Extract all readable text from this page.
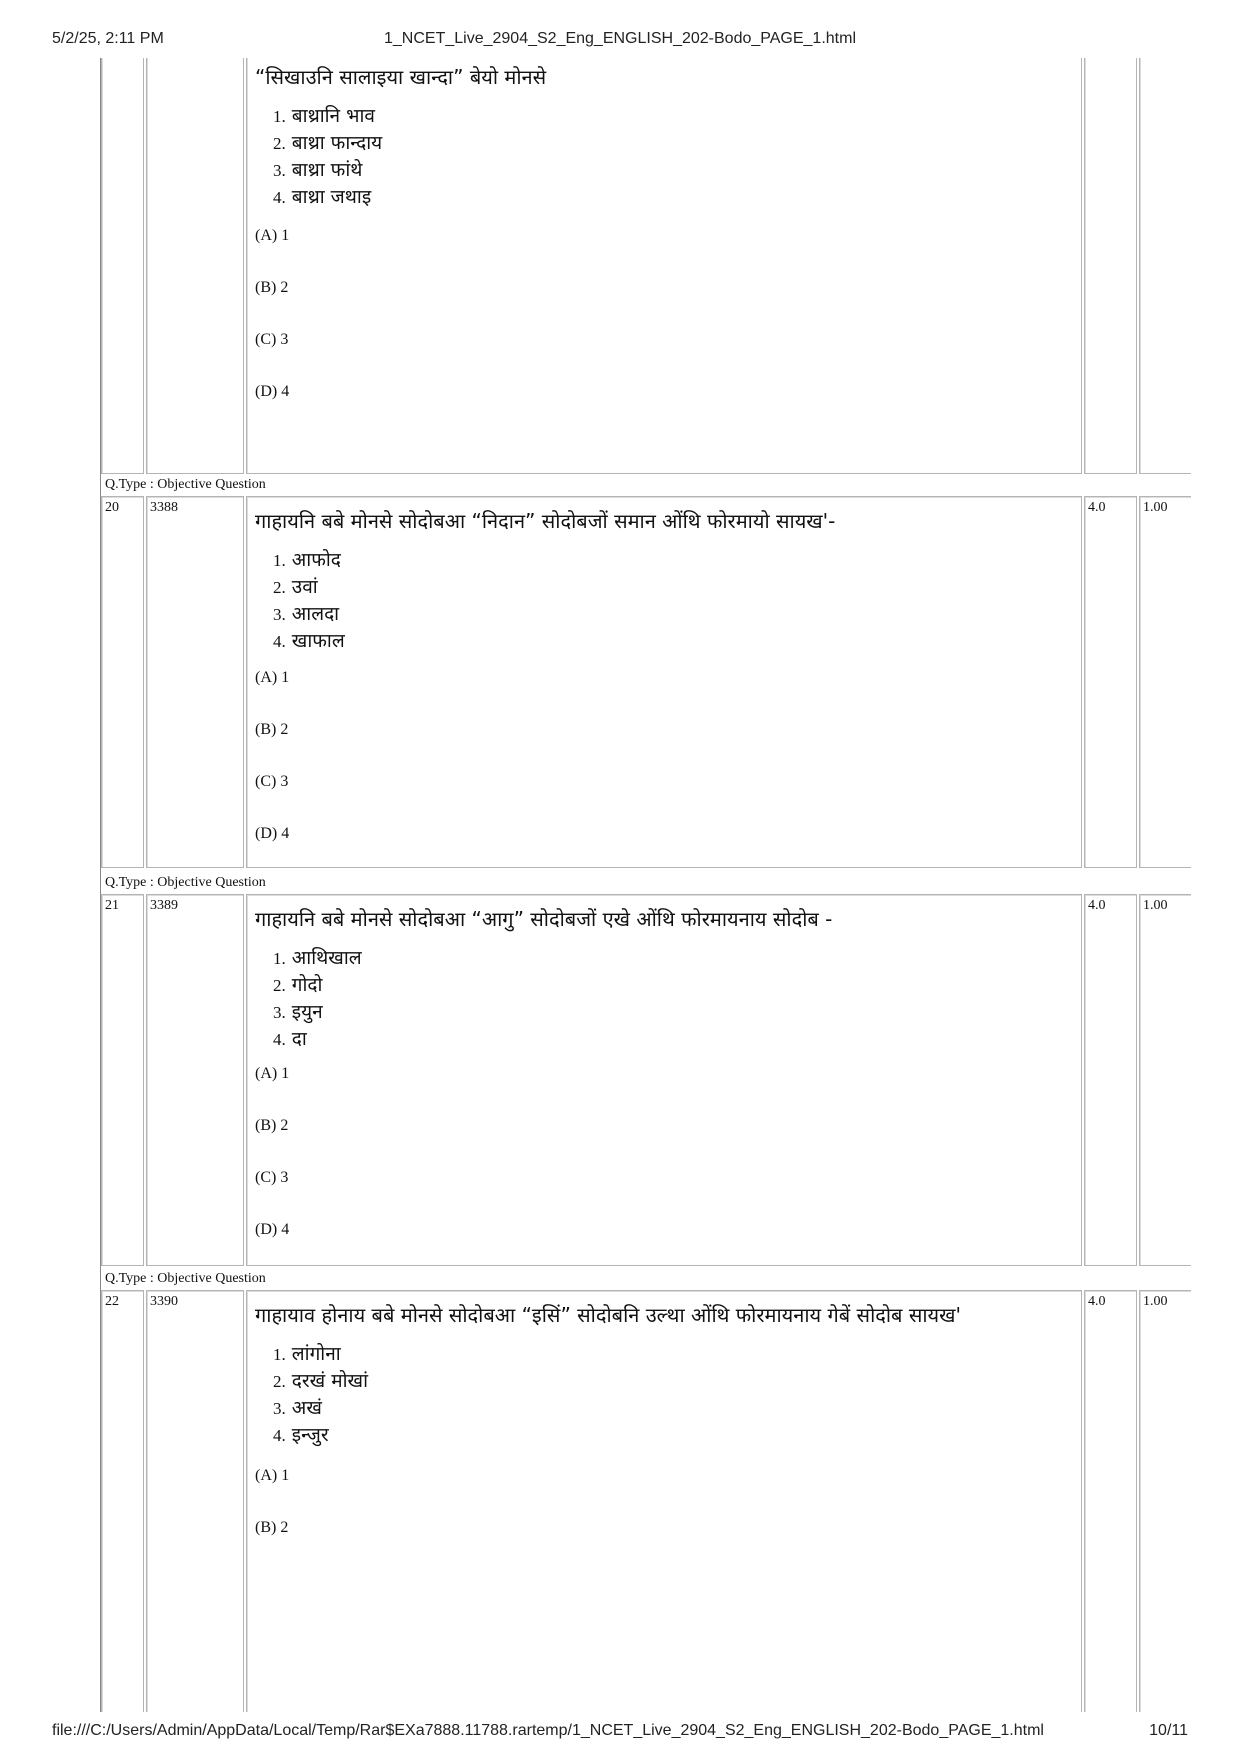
5/2/25, 2:11 PM	1_NCET_Live_2904_S2_Eng_ENGLISH_202-Bodo_PAGE_1.html
“सिखाउनि सालाइया खान्दा” बेयो मोनसे
1. बाथ्रानि भाव
2. बाथ्रा फान्दाय
3. बाथ्रा फांथे
4. बाथ्रा जथाइ
(A) 1
(B) 2
(C) 3
(D) 4
Q.Type : Objective Question
20 3388
गाहायनि बबे मोनसे सोदोबआ “निदान” सोदोबजों समान ओंथि फोरमायो सायख'-
1. आफोद
2. उवां
3. आलदा
4. खाफाल
(A) 1
(B) 2
(C) 3
(D) 4
4.0	1.00
Q.Type : Objective Question
21 3389
गाहायनि बबे मोनसे सोदोबआ “आगु” सोदोबजों एखे ओंथि फोरमायनाय सोदोब -
1. आथिखाल
2. गोदो
3. इयुन
4. दा
(A) 1
(B) 2
(C) 3
(D) 4
4.0	1.00
Q.Type : Objective Question
22 3390
गाहायाव होनाय बबे मोनसे सोदोबआ “इसिं” सोदोबनि उल्था ओंथि फोरमायनाय गेबें सोदोब सायख'
1. लांगोना
2. दरखं मोखां
3. अखं
4. इन्जुर
(A) 1
(B) 2
4.0	1.00
file:///C:/Users/Admin/AppData/Local/Temp/Rar$EXa7888.11788.rartemp/1_NCET_Live_2904_S2_Eng_ENGLISH_202-Bodo_PAGE_1.html	10/11
